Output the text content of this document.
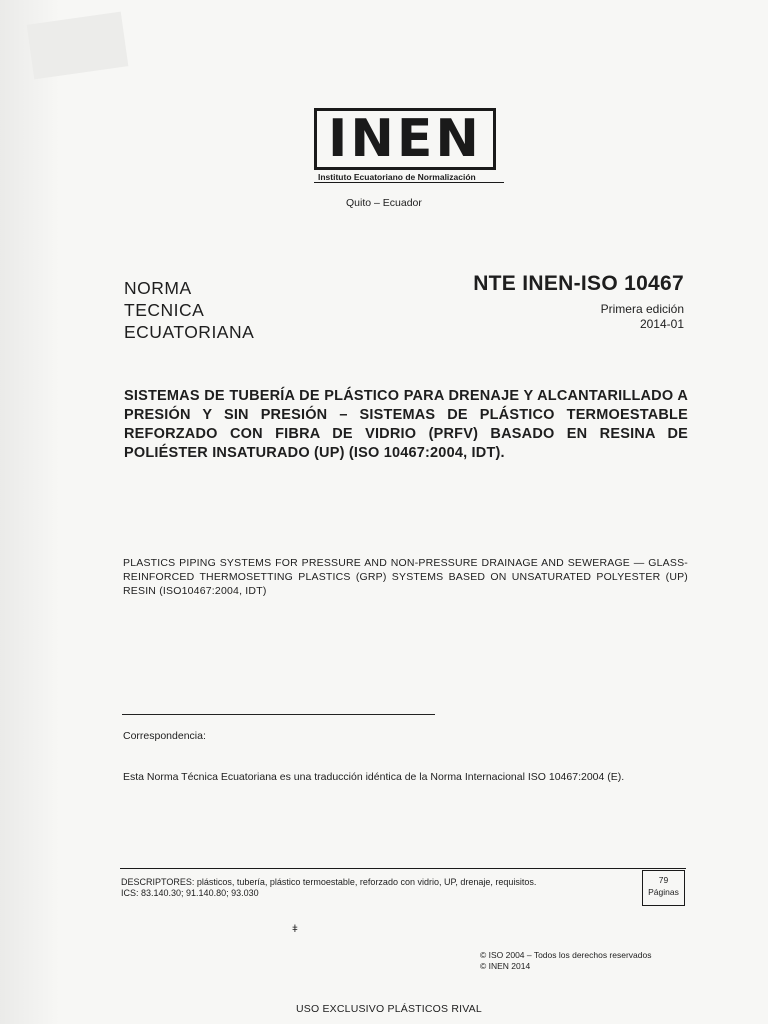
INEN
Instituto Ecuatoriano de Normalización
Quito – Ecuador
NORMA
TECNICA
ECUATORIANA
NTE INEN-ISO 10467
Primera edición
2014-01
SISTEMAS DE TUBERÍA DE PLÁSTICO PARA DRENAJE Y ALCANTARILLADO A PRESIÓN Y SIN PRESIÓN – SISTEMAS DE PLÁSTICO TERMOESTABLE REFORZADO CON FIBRA DE VIDRIO (PRFV) BASADO EN RESINA DE POLIÉSTER INSATURADO (UP) (ISO 10467:2004, IDT).
PLASTICS PIPING SYSTEMS FOR PRESSURE AND NON-PRESSURE DRAINAGE AND SEWERAGE — GLASS-REINFORCED THERMOSETTING PLASTICS (GRP) SYSTEMS BASED ON UNSATURATED POLYESTER (UP) RESIN (ISO10467:2004, IDT)
Correspondencia:
Esta Norma Técnica Ecuatoriana es una traducción idéntica de la Norma Internacional ISO 10467:2004 (E).
DESCRIPTORES: plásticos, tubería, plástico termoestable, reforzado con vidrio, UP, drenaje, requisitos.
ICS: 83.140.30; 91.140.80; 93.030
79
Páginas
ǂ
© ISO 2004 – Todos los derechos reservados
© INEN 2014
USO EXCLUSIVO PLÁSTICOS RIVAL
